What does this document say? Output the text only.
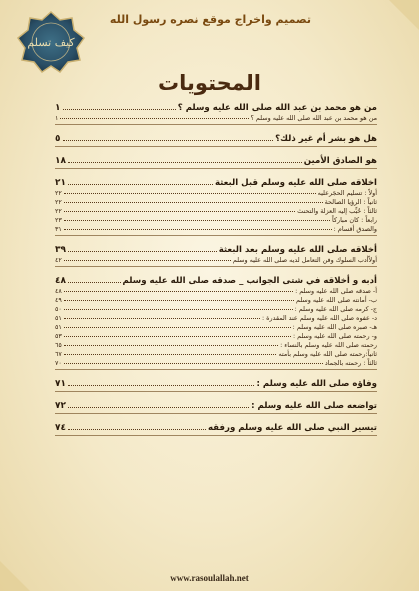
تصميم واخراج موقع نصره رسول الله
كيف تسلم
المحتويات
من هو محمد بن عبد الله صلى الله عليه وسلم ؟
١
من هو محمد بن عبد الله صلى الله عليه وسلم ؟
١
هل هو بشر أم غير ذلك؟
٥
هو الصادق الأمين
١٨
اخلاقه صلى الله عليه وسلم قبل البعثة
٢١
أولاً : تسليم الحجَرعليه
٢٢
ثانياً : الرؤيا الصالحة
٢٢
ثالثاً : حُبِّب إليه العزلة والتحنث
٢٢
رابعاً : كان مباركاً
٢٣
والصدق أقسام :
٣١
أخلاقه صلى الله عليه وسلم بعد البعثة
٣٩
أولاًأدب السلوك وفن التعامل لديه صلى الله عليه وسلم
٤٢
أدبه و أخلاقه في شتى الجوانب _ صدقه صلى الله عليه وسلم
٤٨
أ- صدقه صلى الله عليه وسلم :
٤٨
ب- أمانته صلى الله عليه وسلم
٤٩
ج- كرمه صلى الله عليه وسلم :
٥٠
د- عفوه صلى الله عليه وسلم عند المقدرة :
٥١
هـ- صبره صلى الله عليه وسلم :
٥١
و- رحمته صلى الله عليه وسلم :
٥٣
رحمته صلى الله عليه وسلم بالنساء :
٦٥
ثانياً:رحمته صلى الله عليه وسلم بأمته
٦٧
ثالثاً : رحمته بالجماد
٧٠
وفاؤه صلى الله عليه وسلم :
٧١
تواضعه صلى الله عليه وسلم :
٧٢
تيسير النبي صلى الله عليه وسلم ورفقه
٧٤
www.rasoulallah.net
